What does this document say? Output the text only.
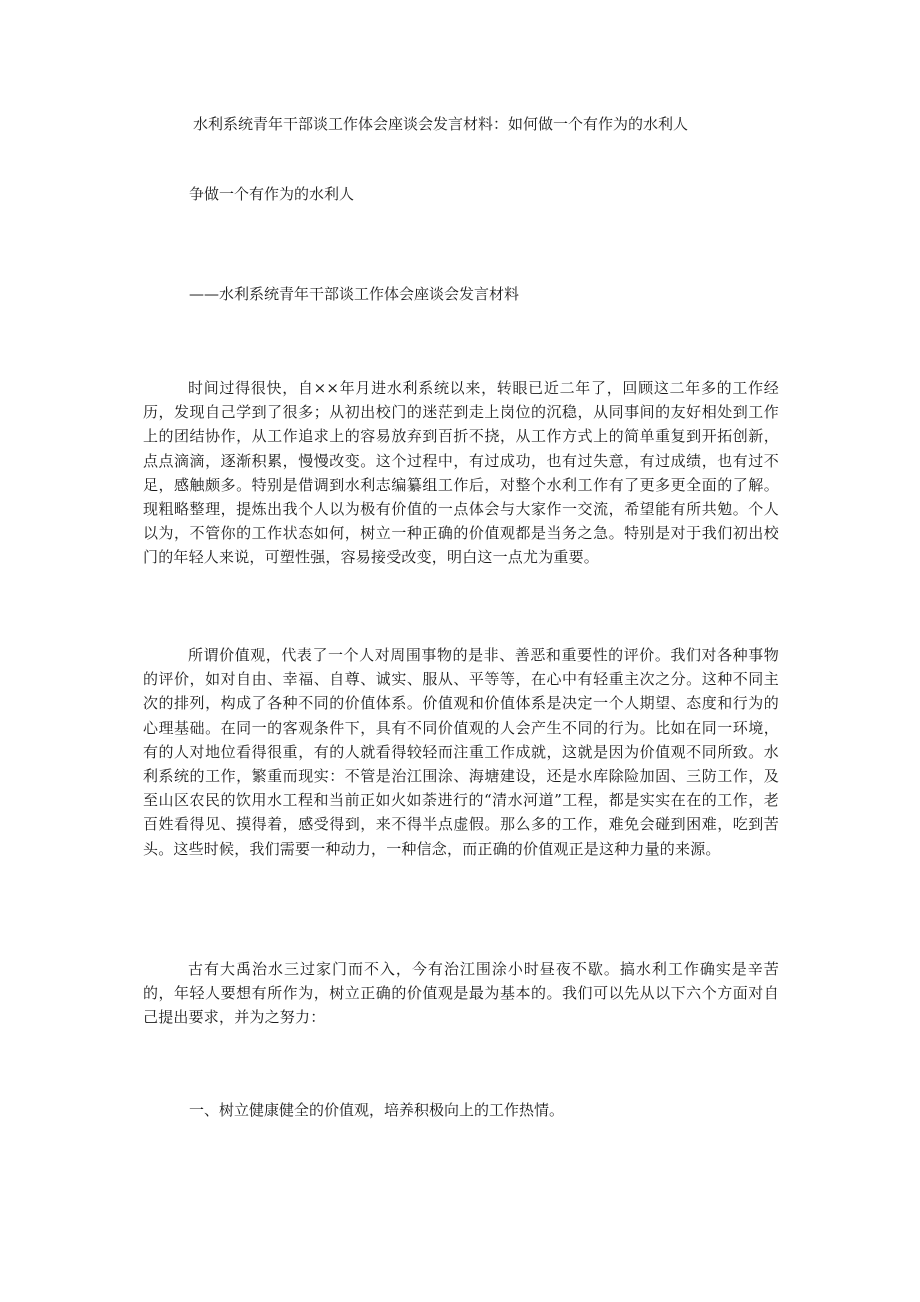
水利系统青年干部谈工作体会座谈会发言材料：如何做一个有作为的水利人
争做一个有作为的水利人

——水利系统青年干部谈工作体会座谈会发言材料

时间过得很快，自××年月进水利系统以来，转眼已近二年了，回顾这二年多的工作经历，发现自己学到了很多；从初出校门的迷茫到走上岗位的沉稳，从同事间的友好相处到工作上的团结协作，从工作追求上的容易放弃到百折不挠，从工作方式上的简单重复到开拓创新，点点滴滴，逐渐积累，慢慢改变。这个过程中，有过成功，也有过失意，有过成绩，也有过不足，感触颇多。特别是借调到水利志编纂组工作后，对整个水利工作有了更多更全面的了解。现粗略整理，提炼出我个人以为极有价值的一点体会与大家作一交流，希望能有所共勉。个人以为，不管你的工作状态如何，树立一种正确的价值观都是当务之急。特别是对于我们初出校门的年轻人来说，可塑性强，容易接受改变，明白这一点尤为重要。

所谓价值观，代表了一个人对周围事物的是非、善恶和重要性的评价。我们对各种事物的评价，如对自由、幸福、自尊、诚实、服从、平等等，在心中有轻重主次之分。这种不同主次的排列，构成了各种不同的价值体系。价值观和价值体系是决定一个人期望、态度和行为的心理基础。在同一的客观条件下，具有不同价值观的人会产生不同的行为。比如在同一环境，有的人对地位看得很重，有的人就看得较轻而注重工作成就，这就是因为价值观不同所致。水利系统的工作，繁重而现实：不管是治江围涂、海塘建设，还是水库除险加固、三防工作，及至山区农民的饮用水工程和当前正如火如荼进行的“清水河道”工程，都是实实在在的工作，老百姓看得见、摸得着，感受得到，来不得半点虚假。那么多的工作，难免会碰到困难，吃到苦头。这些时候，我们需要一种动力，一种信念，而正确的价值观正是这种力量的来源。

古有大禹治水三过家门而不入，今有治江围涂小时昼夜不歇。搞水利工作确实是辛苦的，年轻人要想有所作为，树立正确的价值观是最为基本的。我们可以先从以下六个方面对自己提出要求，并为之努力：

一、树立健康健全的价值观，培养积极向上的工作热情。
